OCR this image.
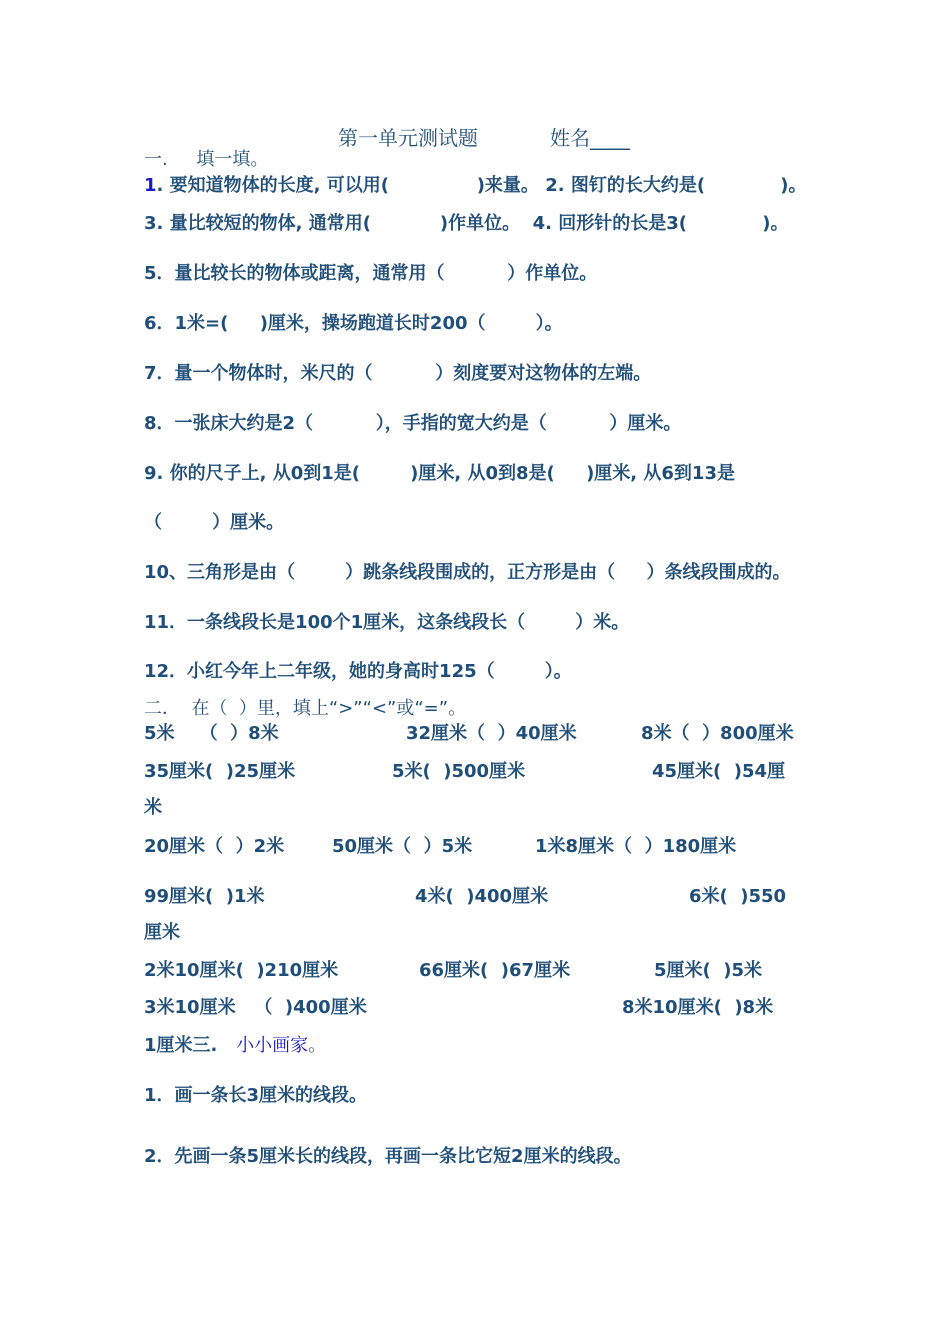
第一单元测试题	姓名____
一.     填一填。
1. 要知道物体的长度, 可以用(              )来量。 2. 图钉的长大约是(            )。
3. 量比较短的物体, 通常用(           )作单位。  4. 回形针的长是3(            )。
5．量比较长的物体或距离，通常用（          ）作单位。
6．1米=(     )厘米，操场跑道长时200（        ）。
7．量一个物体时，米尺的（          ）刻度要对这物体的左端。
8．一张床大约是2（          ），手指的宽大约是（          ）厘米。
9. 你的尺子上, 从0到1是(        )厘米, 从0到8是(     )厘米, 从6到13是
（        ）厘米。
10、三角形是由（        ）跳条线段围成的，正方形是由（     ）条线段围成的。
11．一条线段长是100个1厘米，这条线段长（        ）米。
12．小红今年上二年级，她的身高时125（        ）。
二．  在（  ）里，填上“>”“<”或“=”。
5米    （  ）8米	32厘米（  ）40厘米	8米（  ）800厘米
35厘米(  )25厘米	5米(  )500厘米	45厘米(  )54厘
米
20厘米（  ）2米	50厘米（  ）5米	1米8厘米（  ）180厘米
99厘米(  )1米	4米(  )400厘米	6米(  )550
厘米
2米10厘米(  )210厘米	66厘米(  )67厘米	5厘米(  )5米
3米10厘米   （  )400厘米	8米10厘米(  )8米
1厘米三.   小小画家。
1．画一条长3厘米的线段。
2．先画一条5厘米长的线段，再画一条比它短2厘米的线段。
